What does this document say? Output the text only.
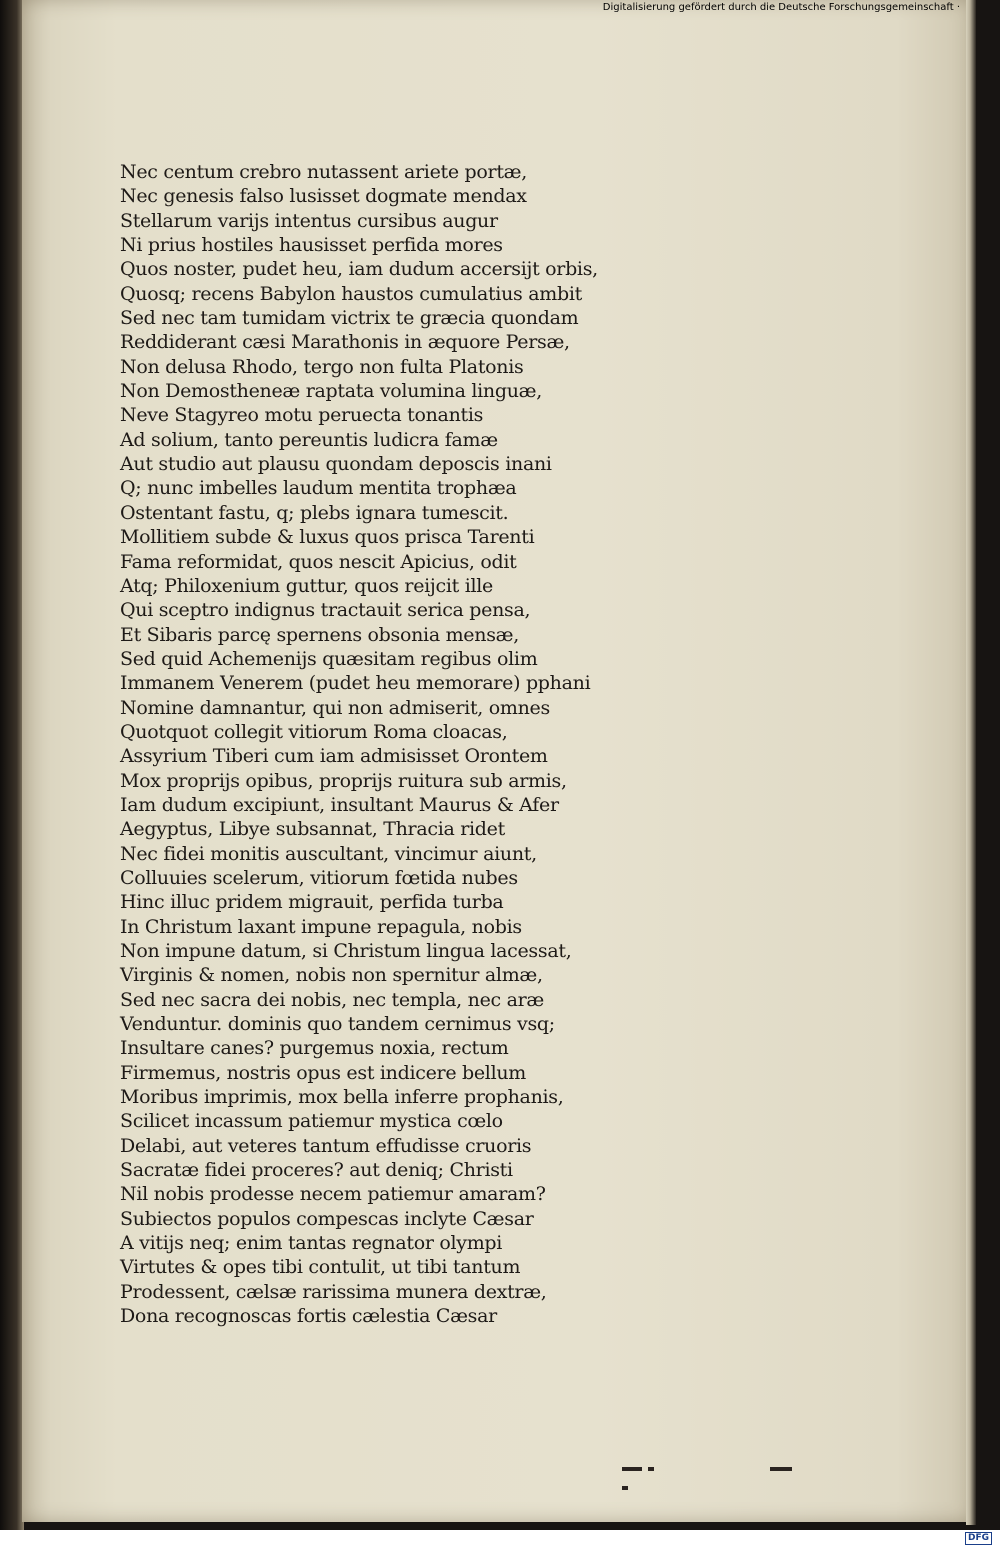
Nec centum crebro nutassent ariete portæ,
Nec genesis falso lusisset dogmate mendax
Stellarum varijs intentus cursibus augur
Ni prius hostiles hausisset perfida mores
Quos noster, pudet heu, iam dudum accersijt orbis,
Quosq; recens Babylon haustos cumulatius ambit
Sed nec tam tumidam victrix te græcia quondam
Reddiderant cæsi Marathonis in æquore Persæ,
Non delusa Rhodo, tergo non fulta Platonis
Non Demostheneæ raptata volumina linguæ,
Neve Stagyreo motu peruecta tonantis
Ad solium, tanto pereuntis ludicra famæ
Aut studio aut plausu quondam deposcis inani
Q; nunc imbelles laudum mentita trophæa
Ostentant fastu, q; plebs ignara tumescit.
Mollitiem subde & luxus quos prisca Tarenti
Fama reformidat, quos nescit Apicius, odit
Atq; Philoxenium guttur, quos reijcit ille
Qui sceptro indignus tractauit serica pensa,
Et Sibaris parcę spernens obsonia mensæ,
Sed quid Achemenijs quæsitam regibus olim
Immanem Venerem (pudet heu memorare) pphani
Nomine damnantur, qui non admiserit, omnes
Quotquot collegit vitiorum Roma cloacas,
Assyrium Tiberi cum iam admisisset Orontem
Mox proprijs opibus, proprijs ruitura sub armis,
Iam dudum excipiunt, insultant Maurus & Afer
Aegyptus, Libye subsannat, Thracia ridet
Nec fidei monitis auscultant, vincimur aiunt,
Colluuies scelerum, vitiorum fœtida nubes
Hinc illuc pridem migrauit, perfida turba
In Christum laxant impune repagula, nobis
Non impune datum, si Christum lingua lacessat,
Virginis & nomen, nobis non spernitur almæ,
Sed nec sacra dei nobis, nec templa, nec aræ
Venduntur. dominis quo tandem cernimus vsq;
Insultare canes? purgemus noxia, rectum
Firmemus, nostris opus est indicere bellum
Moribus imprimis, mox bella inferre prophanis,
Scilicet incassum patiemur mystica cœlo
Delabi, aut veteres tantum effudisse cruoris
Sacratæ fidei proceres? aut deniq; Christi
Nil nobis prodesse necem patiemur amaram?
Subiectos populos compescas inclyte Cæsar
A vitijs neq; enim tantas regnator olympi
Virtutes & opes tibi contulit, ut tibi tantum
Prodessent, cælsæ rarissima munera dextræ,
Dona recognoscas fortis cælestia Cæsar
Digitalisierung gefördert durch die Deutsche Forschungsgemeinschaft ·
DFG
